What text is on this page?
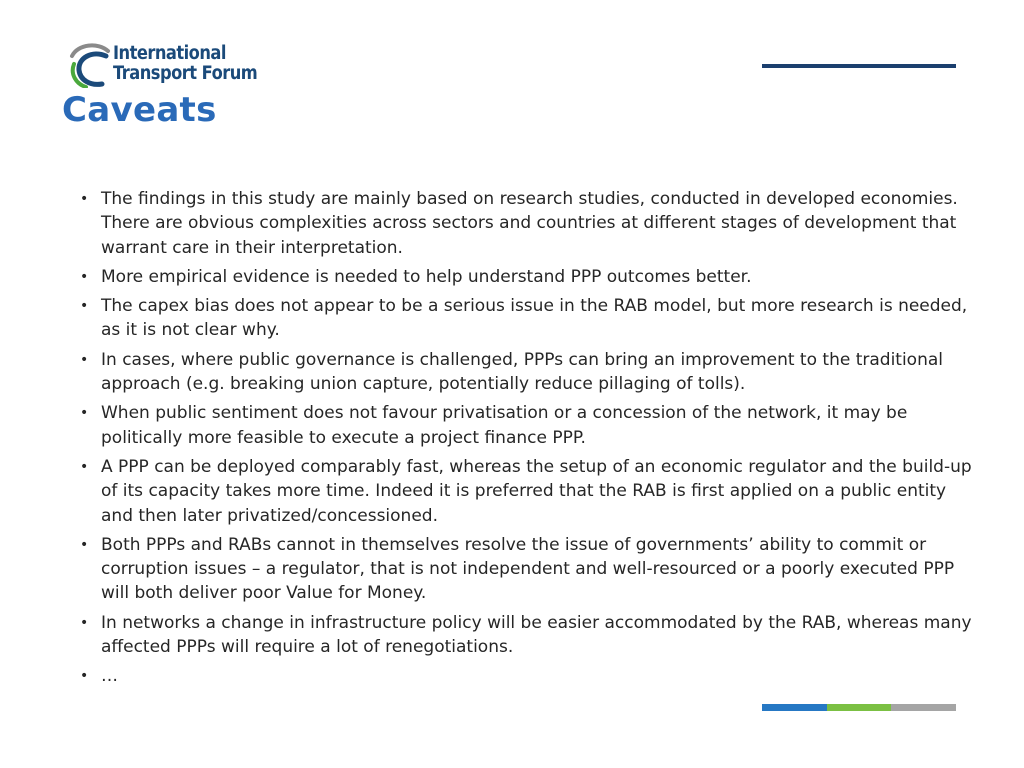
International
Transport Forum
Caveats
• The findings in this study are mainly based on research studies, conducted in developed economies. There are obvious complexities across sectors and countries at different stages of development that warrant care in their interpretation.
• More empirical evidence is needed to help understand PPP outcomes better.
• The capex bias does not appear to be a serious issue in the RAB model, but more research is needed, as it is not clear why.
• In cases, where public governance is challenged, PPPs can bring an improvement to the traditional approach (e.g. breaking union capture, potentially reduce pillaging of tolls).
• When public sentiment does not favour privatisation or a concession of the network, it may be politically more feasible to execute a project finance PPP.
• A PPP can be deployed comparably fast, whereas the setup of an economic regulator and the build-up of its capacity takes more time. Indeed it is preferred that the RAB is first applied on a public entity and then later privatized/concessioned.
• Both PPPs and RABs cannot in themselves resolve the issue of governments’ ability to commit or corruption issues – a regulator, that is not independent and well-resourced or a poorly executed PPP will both deliver poor Value for Money.
• In networks a change in infrastructure policy will be easier accommodated by the RAB, whereas many affected PPPs will require a lot of renegotiations.
• …
